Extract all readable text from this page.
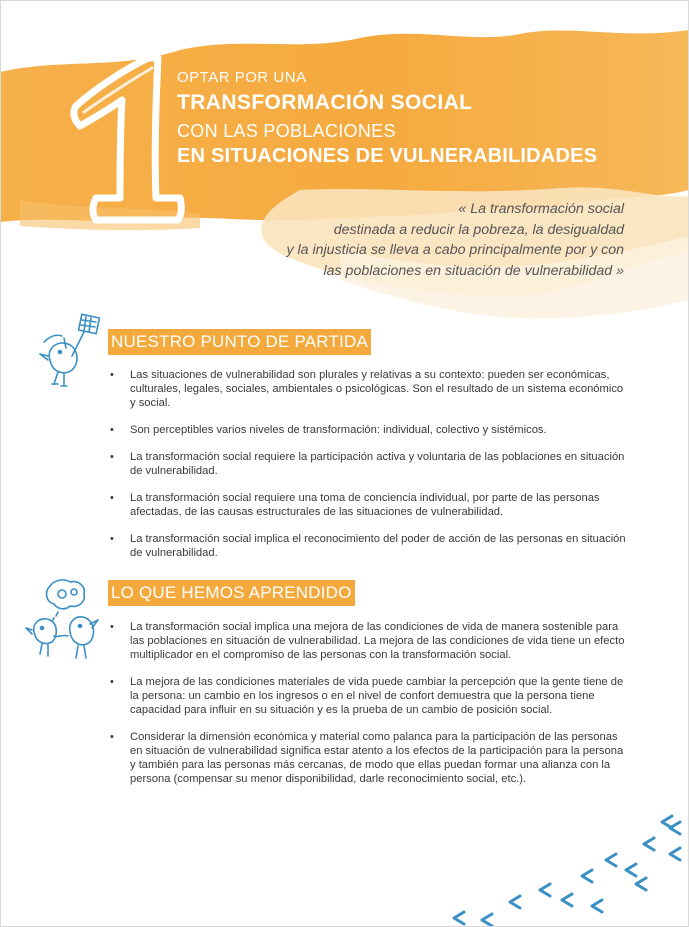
OPTAR POR UNA
TRANSFORMACIÓN SOCIAL
CON LAS POBLACIONES
EN SITUACIONES DE VULNERABILIDADES
« La transformación social
destinada a reducir la pobreza, la desigualdad
y la injusticia se lleva a cabo principalmente por y con
las poblaciones en situación de vulnerabilidad »
NUESTRO PUNTO DE PARTIDA
• Las situaciones de vulnerabilidad son plurales y relativas a su contexto: pueden ser económicas, culturales, legales, sociales, ambientales o psicológicas. Son el resultado de un sistema económico y social.
• Son perceptibles varios niveles de transformación: individual, colectivo y sistémicos.
• La transformación social requiere la participación activa y voluntaria de las poblaciones en situación de vulnerabilidad.
• La transformación social requiere una toma de conciencia individual, por parte de las personas afectadas, de las causas estructurales de las situaciones de vulnerabilidad.
• La transformación social implica el reconocimiento del poder de acción de las personas en situación de vulnerabilidad.
LO QUE HEMOS APRENDIDO
• La transformación social implica una mejora de las condiciones de vida de manera sostenible para las poblaciones en situación de vulnerabilidad. La mejora de las condiciones de vida tiene un efecto multiplicador en el compromiso de las personas con la transformación social.
• La mejora de las condiciones materiales de vida puede cambiar la percepción que la gente tiene de la persona: un cambio en los ingresos o en el nivel de confort demuestra que la persona tiene capacidad para influir en su situación y es la prueba de un cambio de posición social.
• Considerar la dimensión económica y material como palanca para la participación de las personas en situación de vulnerabilidad significa estar atento a los efectos de la participación para la persona y también para las personas más cercanas, de modo que ellas puedan formar una alianza con la persona (compensar su menor disponibilidad, darle reconocimiento social, etc.).
